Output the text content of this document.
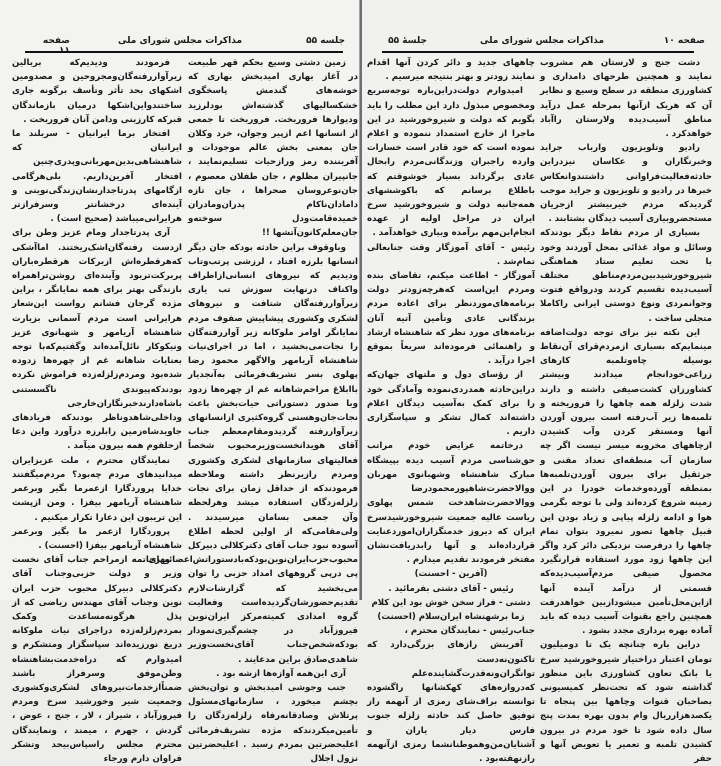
صفحه	مذاکرات مجلس شورای ملی	جلسه ۵۵

زمین دشتی وسیع بحکم قهر طبیعت در آغاز بهاری امیدبخش بهاری که خوشه‌های گندمش پاسخگوی خشکسالیهای گذشته‌اش بودلرزید ودیوارها فروریخت. فروریخت تا جمعی از انسانها اعم ازپیر وجوان، خرد وکلان جان بمعنی بخش عالم موجودات و آفریننده رمز ورازحیات تسلیم‌نمایند ، جانپیران مظلوم ، جان طفلان معصوم ، جان‌نوعروسان صحراها ، جان تازه دامادان‌ناکام پدران‌ومادران خمیده‌قامت‌ودل سوخته‌و جان‌معلم‌کانون‌آتشها !!

وباوقوف براین حادثه بودکه جان دیگر انسانها بلرزه افتاد ، لرزشی پرتب‌وتاب ودیدیم که نیروهای انسانی‌ازاطراف واکناف درنهایت سوزش تب یاری زیرآواررفته‌گان شتافت و نیروهای لشکری وکشوری پیشاپیش صفوف مردم نمایانگر اوامر ملوکانه زیر آواررفته‌گان را نجات‌می‌بخشید ، اما در اجرای‌نیات شاهنشاه آریامهر والاگهر محمود رضا پهلوی بسر تشریف‌فرمائی به‌آنجدیار باابلاغ مراحم‌شاهانه غم از چهره‌ها زدود وبا صدور دستوراتی حیات‌بخش باعث نجات‌جان‌وهستی گروه‌کثیری ازانسانهای زیرآواررفته گردیدومقام‌معظم جناب آقای هویدانخست‌وزیرمحبوب شخصاً فعالیتهای سازمانهای لشکری وکشوری ومردم رازیرنظر داشته وملاحظه فرمودندکه از حداقل زمان برای نجات زلزله‌زدگان استفاده میشد وهرلحظه وآن جمعی بسامان میرسیدند . ولی‌مقامی‌که از اولین لحظه اطلاع آسوده نبود جناب آقای دکترکلالی دبیرکل محبوب‌حزب‌ایران‌نوین‌بودکه‌بادستوراتش‌اعضائیهای پی درپی گروههای امداد حزبی را توان می‌بخشید که گزارشات‌لازم تقدیم‌حضورشان‌گردیده‌است وفعالیت گروه امدادی کمیته‌مرکز ایران‌نوین فیروزآباد در چشم‌گیری‌نمودار بودکه‌شخص‌جناب آقای‌نخست‌وزیر شاهدی‌صادق براین مدعایند .

آری این‌همه آوازه‌ها ازشه بود .

جنب وجوشی امیدبخش و توان‌بخش بچشم میخورد ، سازمانهای‌مسئول پرتلاش وصادقانه‌رفاه زلزله‌زدگان را تأمین‌میکردندکه مژده تشریف‌فرمائی اعلیحضرتین بمردم رسید . اعلیحضرتین نزول اجلال

فرمودند ودیدیم‌که بربالین زیرآواررفته‌گان‌ومجروحین و مصدومین اشکهای بحد تأثر وتأسف برگونه جاری ساختندواین‌اشکها درمیان بازماندگان قبرکه کارزینی ودامن آنان فروریخت .

افتخار برما ایرانیان - سربلند ما ایرانیان که شاهنشاهی‌بدین‌مهربانی‌وپدری‌چنین افتخار آفرین‌داریم. بلی‌هرگامی ازگامهای پدرتاجدارنشان‌زندگی‌نوینی و آینده‌ای درخشانتر وسرفرازتر هرایرانی‌میباشد (صحیح است) .

آری پدرتاجدار ومام عزیز وطن برای ازدست رفته‌گان‌اشک‌ریختند. اماآشکی که‌هرقطره‌اش ازبرکات هرقطره‌باران پربرکت‌تربود وآینده‌ای روشن‌تراهمراه بازندگی بهتر برای همه نمایانگر ، براین مژده گرجان فشانم رواست این‌شعار هرایرانی است مردم آسمانی بزیارت شاهنشاه آریامهر و شهبانوی عزیز ونیکوکار نائل‌آمده‌اند وگفتیم‌که‌با توجه بعنایات شاهانه غم از چهره‌ها زدوده شده‌بود ومردم‌زلزله‌زده فراموش نکرده بودندکه‌پیوندی ناگسستنی باشاه‌دارند‌خبرنگاران‌خارجی وداخلی‌شاهدوناظر بودندکه فریادهای جاویدشاه‌زمین رابلرزه درآورد واین دعا ازحلقوم همه بیرون میآمد .

نمایندگان محترم ، ملت عزیزایران میدانیدهای مردم چه‌بود؟ مردم‌میگفتند خدایا پروردگارا ازعمرما بگیر وبرعمر شاهنشاه آریامهر بیفزا . ومن ازپشت این تریبون این دعارا تکرار میکنیم .

پروردگارا ازعمر ما بگیر وبرعمر شاهنشاه آریامهر بیفزا (احسنت) .

ودرخاتمه ازمراحم جناب آقای نخست وزیر و دولت حزبی‌وجناب آقای دکترکلالی دبیرکل محبوب حزب ایران نوین وجناب آقای مهندس ریاضی که از پذل هرگونه‌مساعدت وکمک بمردم‌زلزله‌زده دراجرای نیات ملوکانه دریغ نورزیده‌اند سپاسگزار ومتشکرم و امیدوارم که دراه‌خدمت‌بشاهنشاه وطن‌موفق وسرفراز باشند ضمناً‌ازخدمات‌نیروهای لشکری‌وکشوری وجمعیت شیر وخورشید سرخ ومردم فیروزآباد ، شیراز ، لار ، جنج ، عوض ، گردش ، جهرم ، میمند ، ونمایندگان محترم مجلس راسپاس‌بیحد وتشکر فراوان دارم ورجاء

جلسهٔ ۵۵	مذاکرات مجلس شورای ملی	صفحه ۱۰

دشت جنج و لارستان هم مشروب نمایند و همچنین طرحهای دامداری و کشاورزی منطقه در سطح وسیع و نظایر آن که هریک ازآنها بمرحله عمل درآید مناطق آسیب‌دیده ولارستان راآباد خواهدکرد .

رادیو وتلویزیون وارباب جراید وخبرنگاران و عکاسان نیزدراین حادثه‌فعالیت‌فراوانی داشتندوانعکاس خبرها در رادیو و تلویزیون و جراید موجب گردیدکه مردم خیربیشتر ازجریان مستحضروبیاری آسیب دیدگان بشتابند .

بسیاری از مردم نقاط دیگر بودندکه وسائل و مواد غذائی بمحل آوردند وخود با تحت تعلیم ستاد هماهنگی شیروخورشیدبین‌مردم‌مناطق مختلف آسیب‌دیده تقسیم کردند ودرواقع فتوت وجوانمردی ونوع دوستی ایرانی راکاملا متجلی ساخت .

این نکته نیز برای توجه دولت‌اضافه مینمایم‌که بسیاری ازمردم‌قرای آن‌نقاط بوسیله چاه‌وتلمبه کارهای زراعی‌خودانجام میدادند وبیشتر کشاورزان کشت‌صیفی داشته و دارند شدت زلزله همه چاهها را فروریخته و تلمبه‌ها زیر آب‌رفته است بیرون آوردن آنها ومستقر کردن وآب کشیدن ازچاههای مخروبه میسر نیست اگر چه سازمان آب منطقه‌ای تعداد مقنی و جرثقیل برای بیرون آوردن‌تلمبه‌ها بمنطقه آورده‌وخدمات خودرا در این زمینه شروع کرده‌اند ولی با توجه بگرمی هوا و ادامه زلزله پیاپی و زیاد بودن این قبیل چاهها تصور نمیرود بتوان تمام چاهها را درفرصت نزدیکی دائر کرد واگر این چاهها زود مورد استفاده قرارنگیرد محصول صیفی مردم‌آسیب‌دیده‌که قسمتی از درآمد آینده آنها ازاین‌محل‌تأمین میشود‌ازبین خواهدرفت همچنین راجع بقنوات آسیب دیده که باید آماده بهره برداری مجدد بشود .

دراین باره چنانچه یک تا دومیلیون تومان اعتبار دراختیار شیروخورشید سرخ یا بانک تعاون کشاورزی باین منظور گذاشته شود که تحت‌نظر کمیسیونی بصاحبان قنوات وچاهها بین پنجاه تا یکصدهزارریال وام بدون بهره بمدت پنج سال داده شود تا خود مردم در بیرون کشیدن تلمبه و تعمیر یا تعویض آنها و حفر

چاههای جدید و دائر کردن آنها اقدام نمایند زودتر و بهتر بنتیجه میرسیم .

امیدوارم دولت‌دراین‌باره توجه‌سریع ومخصوص مبذول دارد این مطلب را باید بگویم که دولت و شیروخورشید در این ماجرا از خارج استمداد ننموده و اعلام نموده است که خود قادر است خسارات وارده راجبران وزندگانی‌مردم رابحال عادی برگرداند بسیار خوشوقتم که باطلاع برسانم که باکوششهای همه‌جانبه دولت و شیروخورشید سرخ ایران در مراحل اولیه از عهده انجام‌این‌مهم برآمده وبیاری خواهدآمد .

رئیس - آقای آموزگار وقت جنابعالی تمام‌شد .

آموزگار - اطاعت میکنم، تقاضای بنده ومردم این‌است که‌هرچه‌زودتر دولت برنامه‌های‌موردنظر برای اعاده مردم بزندگانی عادی وتأمین آتیه آنان برنامه‌های مورد نظر که شاهنشاه ارشاد و راهنمائی فرموده‌اند سریعاً بموقع اجرا درآید .

از رؤسای دول و ملتهای جهان‌که دراین‌حادثه همدردی‌نموده وآمادگی خود را برای کمک به‌آسیب دیدگان اعلام داشته‌اند کمال تشکر و سپاسگزاری داریم .

درخاتمه عرایض خودم مراتب حق‌شناسی مردم آسیب دیده بپیشگاه مبارک شاهنشاه وشهبانوی مهربان ووالاحضرت‌شاهپورمحمودرضا ووالاحضرت‌شاهدخت شمس پهلوی ریاست عالیه جمعیت شیروخورشیدسرخ ایران که دیروز خدمتگزاران‌اموردعنایت قرارداده‌اند و آنها رابدریافت‌نشان مفتخر فرمودند تقدیم میدارم .

(آفرین - احسنت)

رئیس - آقای دشتی بفرمائید .

دشتی - فراز سخن خوش بود این کلام

زما برشهنشاه ایران‌سلام (احسنت)

جناب‌رئیس - نمایندگان محترم ،

آفرینش رازهای بزرگی‌دارد که تاکنون‌نه‌دست توانگران‌ونه‌قدرت‌گشاینده‌علم که‌دروازه‌های کهکشانها راگشوده توانسته براف‌شای رمزی از آنهمه راز توفیق حاصل کند حادثه زلزله جنوب فارس دیار یاران و آشنایان‌من‌وهموطنانشما رمزی ازآنهمه رازنهفته‌بود .
